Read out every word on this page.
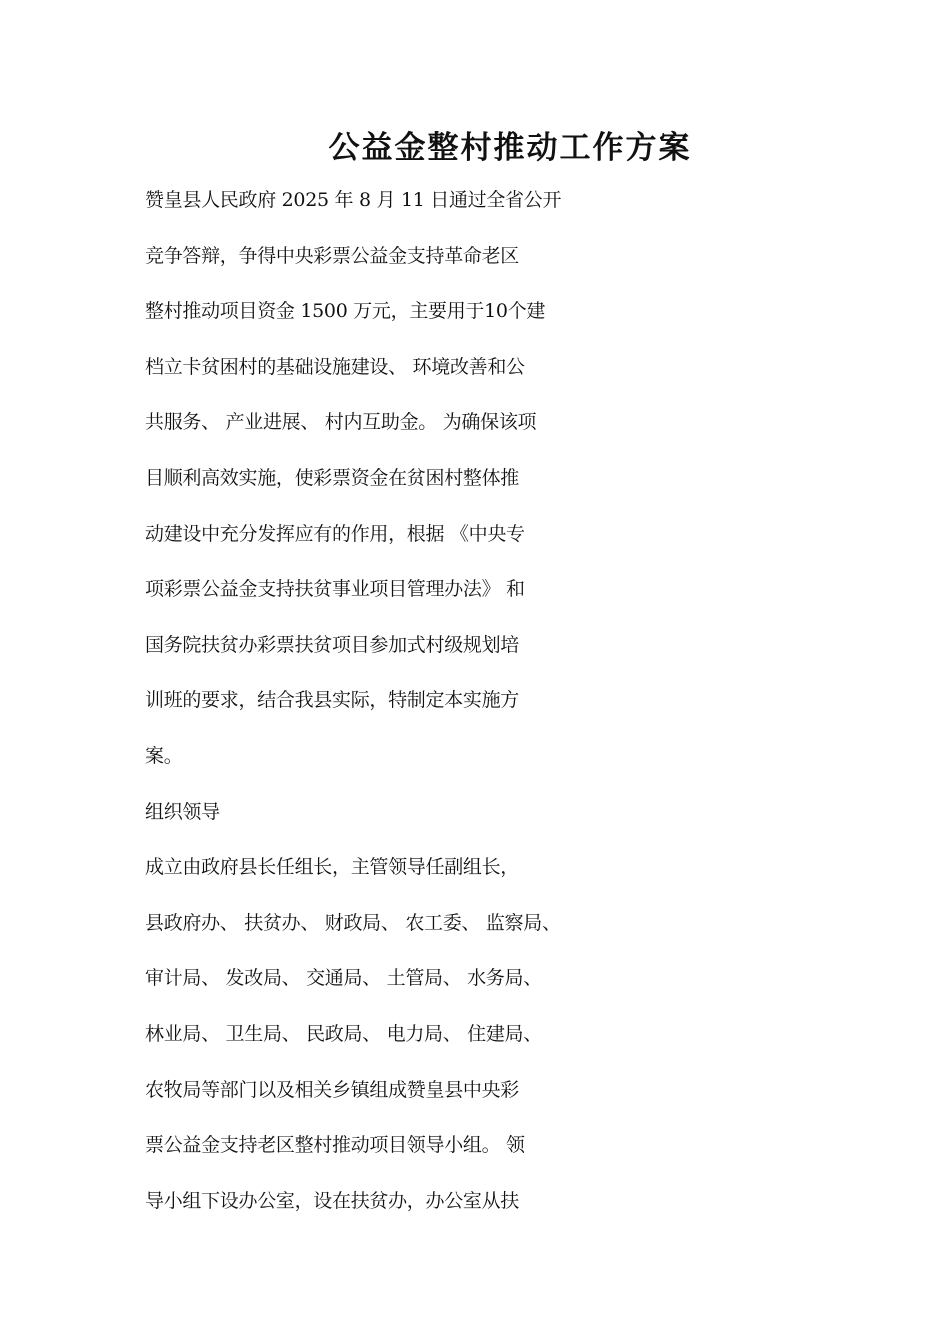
公益金整村推动工作方案
赞皇县人民政府 2025 年 8 月 11 日通过全省公开
竞争答辩，争得中央彩票公益金支持革命老区
整村推动项目资金 1500 万元，主要用于10个建
档立卡贫困村的基础设施建设、 环境改善和公
共服务、 产业进展、 村内互助金。 为确保该项
目顺利高效实施，使彩票资金在贫困村整体推
动建设中充分发挥应有的作用，根据 《中央专
项彩票公益金支持扶贫事业项目管理办法》 和
国务院扶贫办彩票扶贫项目参加式村级规划培
训班的要求，结合我县实际，特制定本实施方
案。
组织领导
成立由政府县长任组长，主管领导任副组长，
县政府办、 扶贫办、 财政局、 农工委、 监察局、
审计局、 发改局、 交通局、 土管局、 水务局、
林业局、 卫生局、 民政局、 电力局、 住建局、
农牧局等部门以及相关乡镇组成赞皇县中央彩
票公益金支持老区整村推动项目领导小组。 领
导小组下设办公室，设在扶贫办，办公室从扶
